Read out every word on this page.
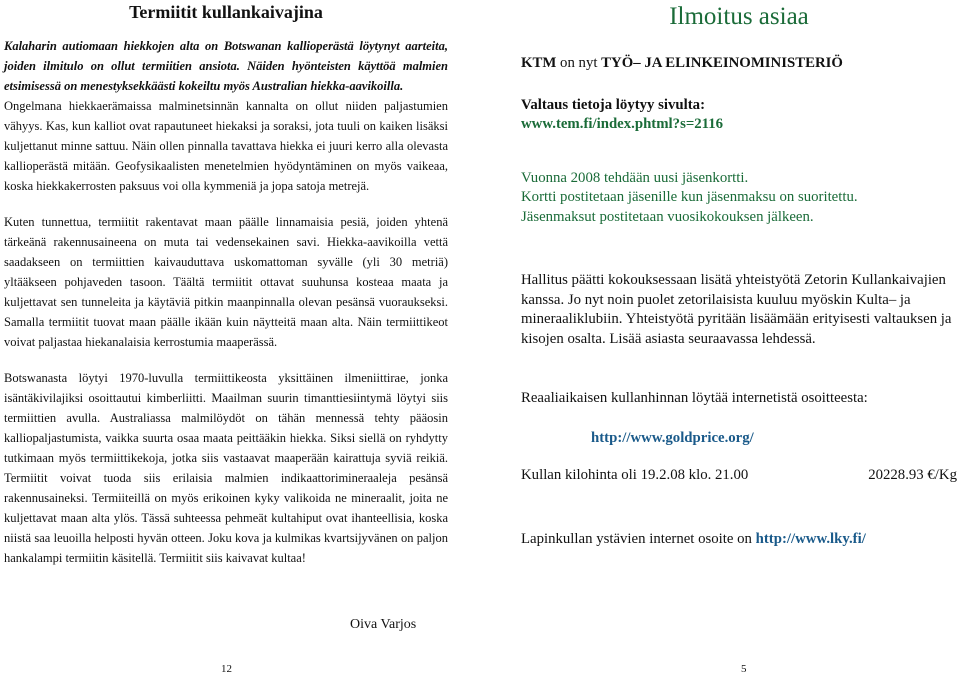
Termiitit kullankaivajina

Kalaharin autiomaan hiekkojen alta on Botswanan kallioperästä löytynyt aarteita, joiden ilmitulo on ollut termiitien ansiota. Näiden hyönteisten käyttöä malmien etsimisessä on menestyksekkäästi kokeiltu myös Australian hiekka-aavikoilla.

Ongelmana hiekkaerämaissa malminetsinnän kannalta on ollut niiden paljastumien vähyys. Kas, kun kalliot ovat rapautuneet hiekaksi ja soraksi, jota tuuli on kaiken lisäksi kuljettanut minne sattuu. Näin ollen pinnalla tavattava hiekka ei juuri kerro alla olevasta kallioperästä mitään. Geofysikaalisten menetelmien hyödyntäminen on myös vaikeaa, koska hiekkakerrosten paksuus voi olla kymmeniä ja jopa satoja metrejä.

Kuten tunnettua, termiitit rakentavat maan päälle linnamaisia pesiä, joiden yhtenä tärkeänä rakennusaineena on muta tai vedensekainen savi. Hiekka-aavikoilla vettä saadakseen on termiittien kaivauduttava uskomattoman syvälle (yli 30 metriä) yltääkseen pohjaveden tasoon. Täältä termiitit ottavat suuhunsa kosteaa maata ja kuljettavat sen tunneleita ja käytäviä pitkin maanpinnalla olevan pesänsä vuoraukseksi. Samalla termiitit tuovat maan päälle ikään kuin näytteitä maan alta. Näin termiittikeot voivat paljastaa hiekanalaisia kerrostumia maaperässä.

Botswanasta löytyi 1970-luvulla termiittikeosta yksittäinen ilmeniittirae, jonka isäntäkivilajiksi osoittautui kimberliitti. Maailman suurin timanttiesiintymä löytyi siis termiittien avulla. Australiassa malmilöydöt on tähän mennessä tehty pääosin kalliopaljastumista, vaikka suurta osaa maata peittääkin hiekka. Siksi siellä on ryhdytty tutkimaan myös termiittikekoja, jotka siis vastaavat maaperään kairattuja syviä reikiä. Termiitit voivat tuoda siis erilaisia malmien indikaattorimineraaleja pesänsä rakennusaineksi. Termiiteillä on myös erikoinen kyky valikoida ne mineraalit, joita ne kuljettavat maan alta ylös. Tässä suhteessa pehmeät kultahiput ovat ihanteellisia, koska niistä saa leuoilla helposti hyvän otteen. Joku kova ja kulmikas kvartsijyvänen on paljon hankalampi termiitin käsitellä. Termiitit siis kaivavat kultaa!

Oiva Varjos
12
Ilmoitus asiaa

KTM on nyt TYÖ– JA ELINKEINOMINISTERIÖ

Valtaus tietoja löytyy sivulta:

www.tem.fi/index.phtml?s=2116

Vuonna 2008 tehdään uusi jäsenkortti.

Kortti postitetaan jäsenille kun jäsenmaksu on suoritettu.

Jäsenmaksut postitetaan vuosikokouksen jälkeen.

Hallitus päätti kokouksessaan lisätä yhteistyötä Zetorin Kullankaivajien kanssa. Jo nyt noin puolet zetorilaisista kuuluu myöskin Kulta– ja mineraaliklubiin. Yhteistyötä pyritään lisäämään erityisesti valtauksen ja kisojen osalta. Lisää asiasta seuraavassa lehdessä.

Reaaliaikaisen kullanhinnan löytää internetistä osoitteesta:

http://www.goldprice.org/
Kullan kilohinta oli 19.2.08 klo. 21.00	20228.93 €/Kg

Lapinkullan ystävien internet osoite on http://www.lky.fi/

5
